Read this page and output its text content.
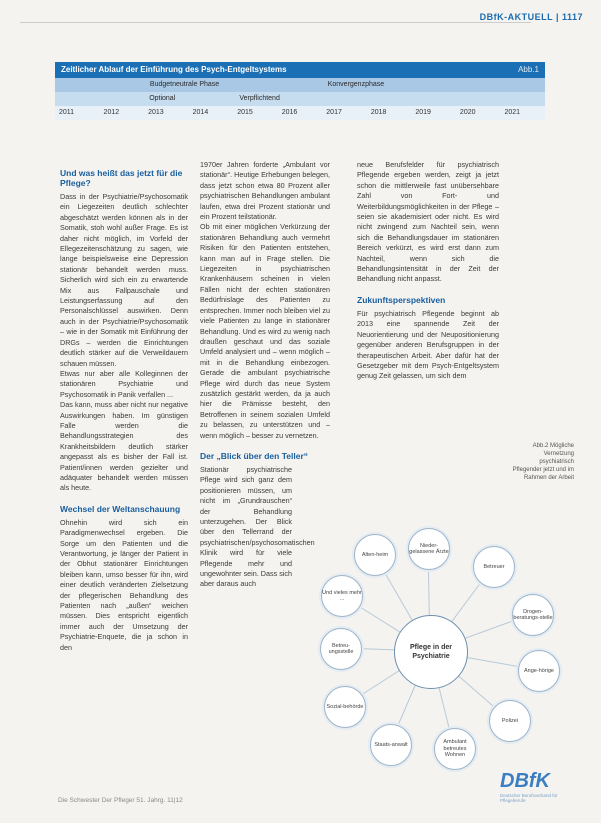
DBfK-AKTUELL | 1117
Zeitlicher Ablauf der Einführung des Psych-Entgeltsystems	Abb.1
Budgetneutrale Phase	Konvergenzphase
Optional	Verpflichtend
2011	2012	2013	2014	2015	2016	2017	2018	2019	2020	2021
Und was heißt das jetzt für die Pflege?

Dass in der Psychiatrie/Psychosomatik ein Liegezeiten deutlich schlechter abgeschätzt werden können als in der Somatik, stoh wohl außer Frage. Es ist daher nicht möglich, im Vorfeld der Ellegezeitenschätzung zu sagen, wie lange beispielsweise eine Depression stationär behandelt werden muss. Sicherlich wird sich ein zu erwartende Mix aus Fallpauschale und Leistungserfassung auf den Personalschlüssel auswirken. Denn auch in der Psychiatrie/Psychosomatik – wie in der Somatik mit Einführung der DRGs – werden die Einrichtungen deutlich stärker auf die Verweildauern schauen müssen.

Etwas nur aber alle Kolleginnen der stationären Psychiatrie und Psychosomatik in Panik verfallen ...

Das kann, muss aber nicht nur negative Auswirkungen haben. Im günstigen Falle werden die Behandlungsstrategien des Krankheitsbildern deutlich stärker angepasst als es bisher der Fall ist. Patient/innen werden gezielter und adäquater behandelt werden müssen als heute.

Wechsel der Weltanschauung

Ohnehin wird sich ein Paradigmenwechsel ergeben. Die Sorge um den Patienten und die Verantwortung, je länger der Patient in der Obhut stationärer Einrichtungen bleiben kann, umso besser für ihn, wird einer deutlich veränderten Zielsetzung der pflegerischen Behandlung des Patienten nach „außen“ weichen müssen. Dies entspricht eigentlich immer auch der Umsetzung der Psychiatrie-Enquete, die ja schon in den

1970er Jahren forderte „Ambulant vor stationär“. Heutige Erhebungen belegen, dass jetzt schon etwa 80 Prozent aller psychiatrischen Behandlungen ambulant laufen, etwa drei Prozent stationär und ein Prozent teilstationär.

Ob mit einer möglichen Verkürzung der stationären Behandlung auch vermehrt Risiken für den Patienten entstehen, kann man auf in Frage stellen. Die Liegezeiten in psychiatrischen Krankenhäusern scheinen in vielen Fällen nicht der echten stationären Bedürfnislage des Patienten zu entsprechen. Immer noch bleiben viel zu viele Patienten zu lange in stationärer Behandlung. Und es wird zu wenig nach draußen geschaut und das soziale Umfeld analysiert und – wenn möglich – mit in die Behandlung einbezogen. Gerade die ambulant psychiatrische Pflege wird durch das neue System zusätzlich gestärkt werden, da ja auch hier die Prämisse besteht, den Betroffenen in seinem sozialen Umfeld zu belassen, zu unterstützen und – wenn möglich – besser zu vernetzen.

Der „Blick über den Teller“

Stationär psychiatrische Pflege wird sich ganz dem positionieren müssen, um nicht im „Grundrauschen“ der Behandlung unterzugehen. Der Blick über den Tellerrand der psychiatrischen/psychosomatischen Klinik wird für viele Pflegende mehr und ungewohnter sein. Dass sich aber daraus auch

neue Berufsfelder für psychiatrisch Pflegende ergeben werden, zeigt ja jetzt schon die mittlerweile fast unübersehbare Zahl von Fort- und Weiterbildungsmöglichkeiten in der Pflege – seien sie akademisiert oder nicht. Es wird nicht zwingend zum Nachteil sein, wenn sich die Behandlungsdauer im stationären Bereich verkürzt, es wird erst dann zum Nachteil, wenn sich die Behandlungsintensität in der Zeit der Behandlung nicht anpasst.

Zukunftsperspektiven

Für psychiatrisch Pflegende beginnt ab 2013 eine spannende Zeit der Neuorientierung und der Neupositionierung gegenüber anderen Berufsgruppen in der therapeutischen Arbeit. Aber dafür hat der Gesetzgeber mit dem Psych-Entgeltsystem genug Zeit gelassen, um sich dem

Abb.2 Mögliche Vernetzung psychiatrisch Pflegender jetzt und im Rahmen der Arbeit
Pflege in der Psychiatrie
Nieder-gelassene Ärzte
Betreuer
Drogen-beratungs-stelle
Ange-hörige
Polizei
Ambulant betreutes Wohnen
Staats-anwalt
Sozial-behörde
Betreu-ungsstelle
Und vieles mehr ...
Alten-heim
Die Schwester Der Pfleger 51. Jahrg. 11|12
DBfK
Deutscher Berufsverband für Pflegeberufe
